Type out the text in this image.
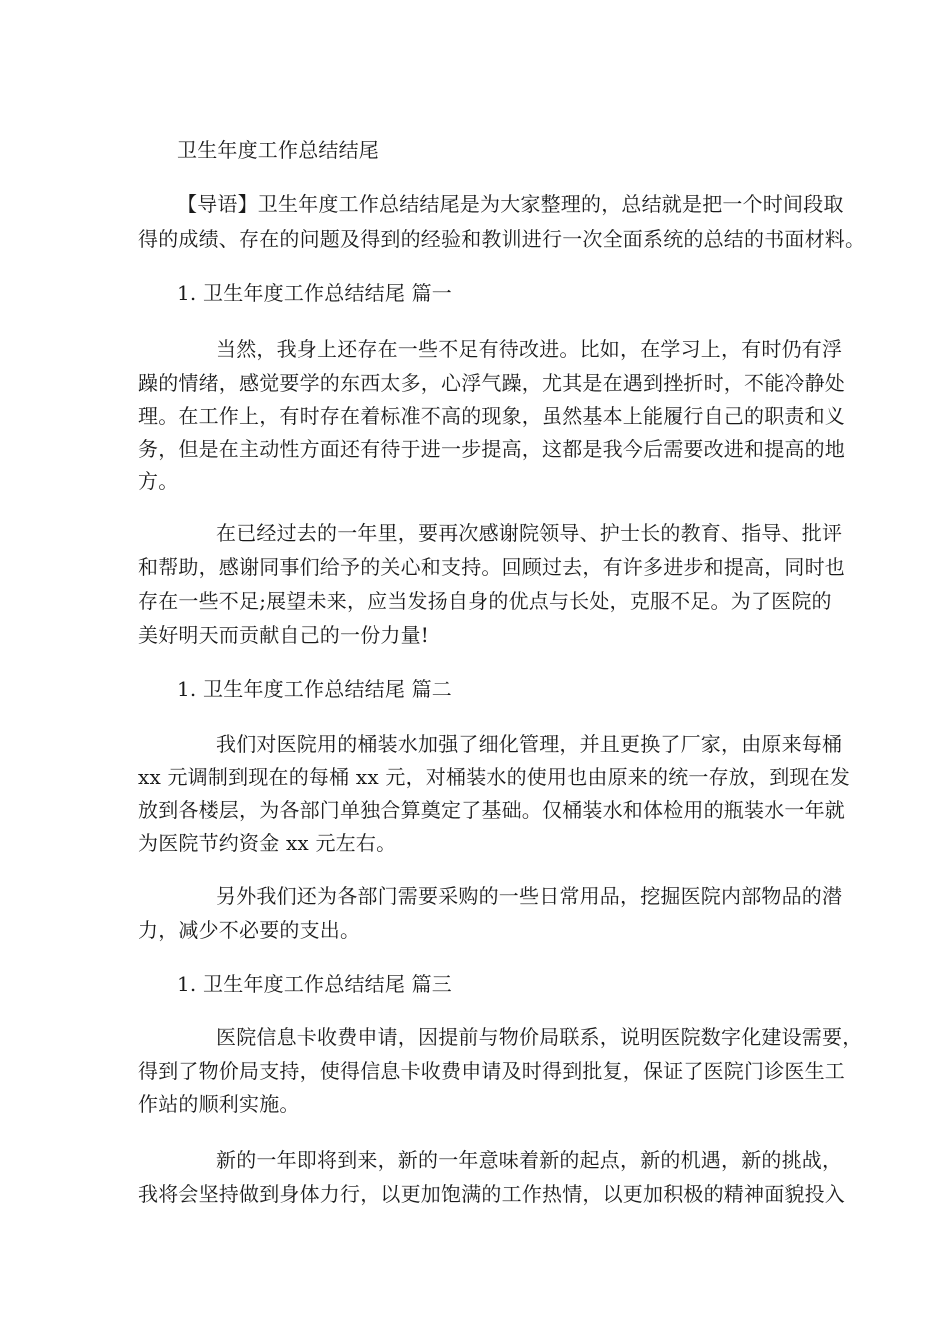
卫生年度工作总结结尾
【导语】卫生年度工作总结结尾是为大家整理的，总结就是把一个时间段取
得的成绩、存在的问题及得到的经验和教训进行一次全面系统的总结的书面材料。
1. 卫生年度工作总结结尾 篇一
当然，我身上还存在一些不足有待改进。比如，在学习上，有时仍有浮
躁的情绪，感觉要学的东西太多，心浮气躁，尤其是在遇到挫折时，不能冷静处
理。在工作上，有时存在着标准不高的现象，虽然基本上能履行自己的职责和义
务，但是在主动性方面还有待于进一步提高，这都是我今后需要改进和提高的地
方。
在已经过去的一年里，要再次感谢院领导、护士长的教育、指导、批评
和帮助，感谢同事们给予的关心和支持。回顾过去，有许多进步和提高，同时也
存在一些不足;展望未来，应当发扬自身的优点与长处，克服不足。为了医院的
美好明天而贡献自己的一份力量!
1. 卫生年度工作总结结尾 篇二
我们对医院用的桶装水加强了细化管理，并且更换了厂家，由原来每桶
xx 元调制到现在的每桶 xx 元，对桶装水的使用也由原来的统一存放，到现在发
放到各楼层，为各部门单独合算奠定了基础。仅桶装水和体检用的瓶装水一年就
为医院节约资金 xx 元左右。
另外我们还为各部门需要采购的一些日常用品，挖掘医院内部物品的潜
力，减少不必要的支出。
1. 卫生年度工作总结结尾 篇三
医院信息卡收费申请，因提前与物价局联系，说明医院数字化建设需要，
得到了物价局支持，使得信息卡收费申请及时得到批复，保证了医院门诊医生工
作站的顺利实施。
新的一年即将到来，新的一年意味着新的起点，新的机遇，新的挑战，
我将会坚持做到身体力行，以更加饱满的工作热情，以更加积极的精神面貌投入
